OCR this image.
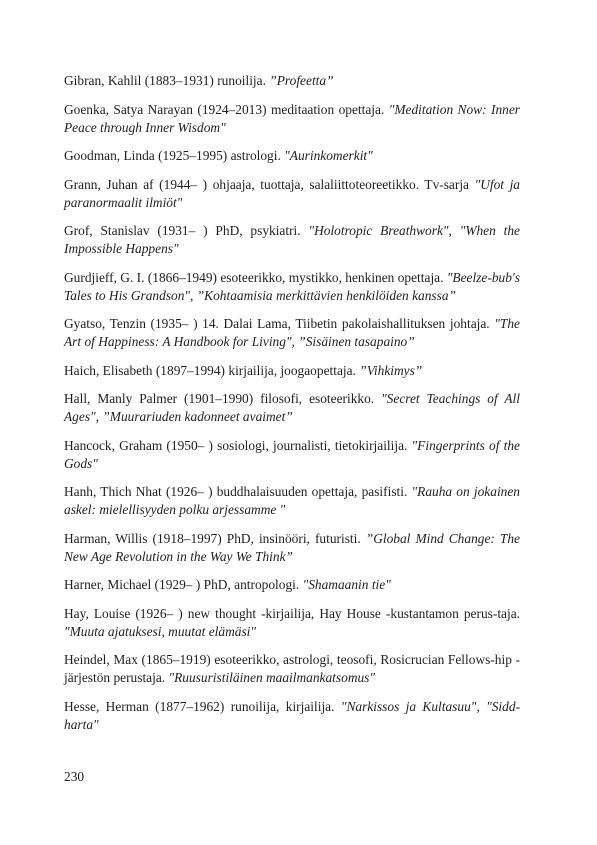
Gibran, Kahlil (1883–1931) runoilija. ”Profeetta”

Goenka, Satya Narayan (1924–2013) meditaation opettaja. "Meditation Now: Inner Peace through Inner Wisdom"

Goodman, Linda (1925–1995) astrologi. "Aurinkomerkit"

Grann, Juhan af (1944– ) ohjaaja, tuottaja, salaliittoteoreetikko. Tv-sarja "Ufot ja paranormaalit ilmiöt"

Grof, Stanislav (1931– ) PhD, psykiatri. "Holotropic Breathwork", "When the Impossible Happens"

Gurdjieff, G. I. (1866–1949) esoteerikko, mystikko, henkinen opettaja. "Beelze-bub's Tales to His Grandson", ”Kohtaamisia merkittävien henkilöiden kanssa”

Gyatso, Tenzin (1935– ) 14. Dalai Lama, Tiibetin pakolaishallituksen johtaja. "The Art of Happiness: A Handbook for Living", ”Sisäinen tasapaino”

Haich, Elisabeth (1897–1994) kirjailija, joogaopettaja. ”Vihkimys”

Hall, Manly Palmer (1901–1990) filosofi, esoteerikko. "Secret Teachings of All Ages", ”Muurariuden kadonneet avaimet”

Hancock, Graham (1950– ) sosiologi, journalisti, tietokirjailija. "Fingerprints of the Gods"

Hanh, Thich Nhat (1926– ) buddhalaisuuden opettaja, pasifisti. "Rauha on jokainen askel: mielellisyyden polku arjessamme "

Harman, Willis (1918–1997) PhD, insinööri, futuristi. ”Global Mind Change: The New Age Revolution in the Way We Think”

Harner, Michael (1929– ) PhD, antropologi. "Shamaanin tie"

Hay, Louise (1926– ) new thought -kirjailija, Hay House -kustantamon perus-taja. "Muuta ajatuksesi, muutat elämäsi"

Heindel, Max (1865–1919) esoteerikko, astrologi, teosofi, Rosicrucian Fellows-hip -järjestön perustaja. "Ruusuristiläinen maailmankatsomus"

Hesse, Herman (1877–1962) runoilija, kirjailija. "Narkissos ja Kultasuu", "Sidd-harta"

230
